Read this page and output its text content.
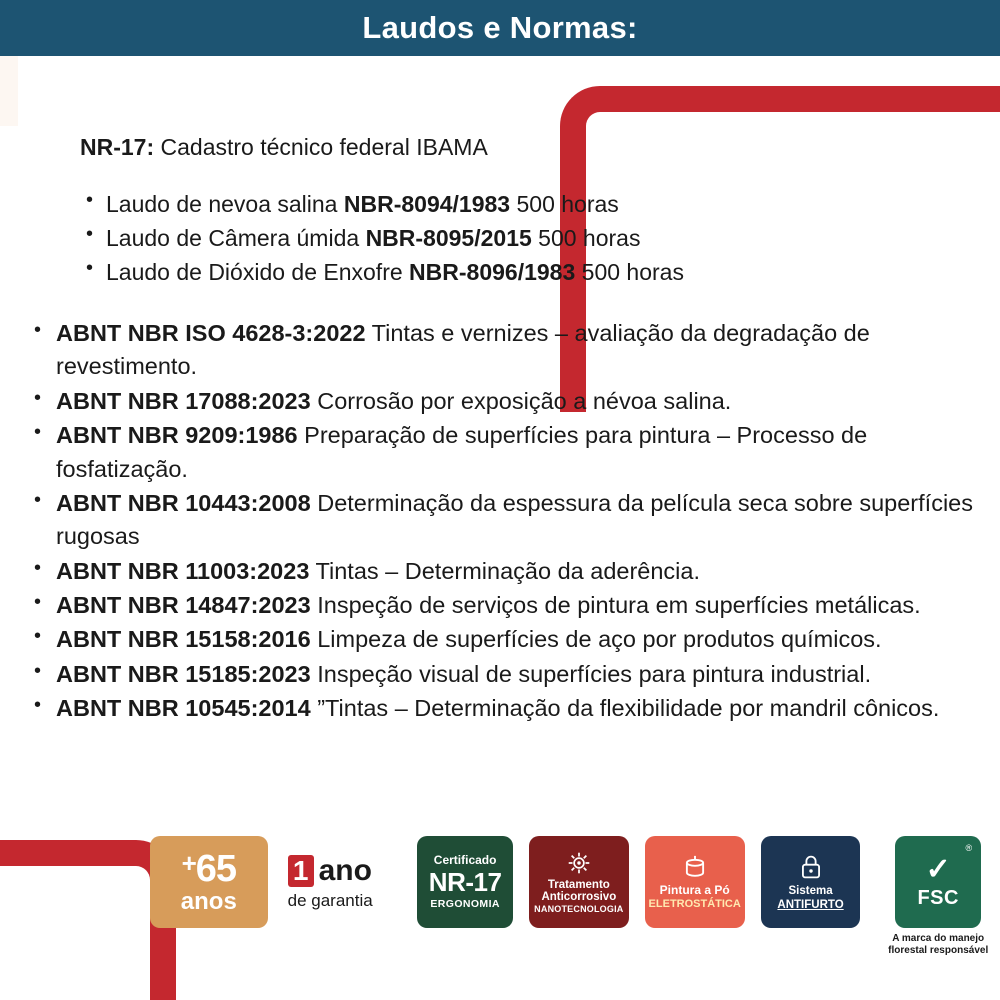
Laudos e Normas:
NR-17: Cadastro técnico federal IBAMA
• Laudo de nevoa salina NBR-8094/1983 500 horas
• Laudo de Câmera úmida NBR-8095/2015 500 horas
• Laudo de Dióxido de Enxofre NBR-8096/1983 500 horas
• ABNT NBR ISO 4628-3:2022 Tintas e vernizes – avaliação da degradação de revestimento.
• ABNT NBR 17088:2023 Corrosão por exposição a névoa salina.
• ABNT NBR 9209:1986 Preparação de superfícies para pintura – Processo de fosfatização.
• ABNT NBR 10443:2008 Determinação da espessura da película seca sobre superfícies rugosas
• ABNT NBR 11003:2023 Tintas – Determinação da aderência.
• ABNT NBR 14847:2023 Inspeção de serviços de pintura em superfícies metálicas.
• ABNT NBR 15158:2016 Limpeza de superfícies de aço por produtos químicos.
• ABNT NBR 15185:2023 Inspeção visual de superfícies para pintura industrial.
• ABNT NBR 10545:2014 ”Tintas – Determinação da flexibilidade por mandril cônicos.
+65
anos
1 ano
de garantia
Certificado
NR-17
ERGONOMIA
Tratamento
Anticorrosivo
NANOTECNOLOGIA
Pintura a Pó
ELETROSTÁTICA
Sistema
ANTIFURTO
®
✓
FSC
A marca do manejo florestal responsável
